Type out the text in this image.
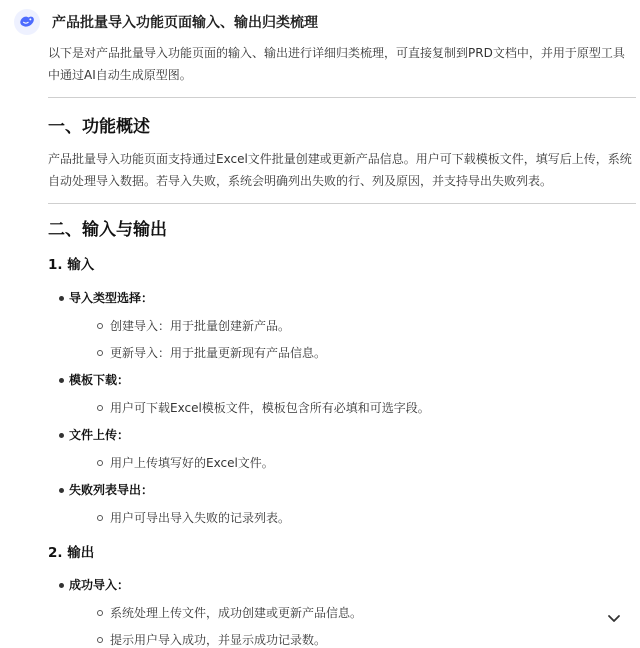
产品批量导入功能页面输入、输出归类梳理

以下是对产品批量导入功能页面的输入、输出进行详细归类梳理，可直接复制到PRD文档中，并用于原型工具中通过AI自动生成原型图。

一、功能概述

产品批量导入功能页面支持通过Excel文件批量创建或更新产品信息。用户可下载模板文件，填写后上传，系统自动处理导入数据。若导入失败，系统会明确列出失败的行、列及原因，并支持导出失败列表。

二、输入与输出
1. 输入
导入类型选择：
创建导入：用于批量创建新产品。
更新导入：用于批量更新现有产品信息。
模板下载：
用户可下载Excel模板文件，模板包含所有必填和可选字段。
文件上传：
用户上传填写好的Excel文件。
失败列表导出：
用户可导出导入失败的记录列表。
2. 输出
成功导入：
系统处理上传文件，成功创建或更新产品信息。
提示用户导入成功，并显示成功记录数。
